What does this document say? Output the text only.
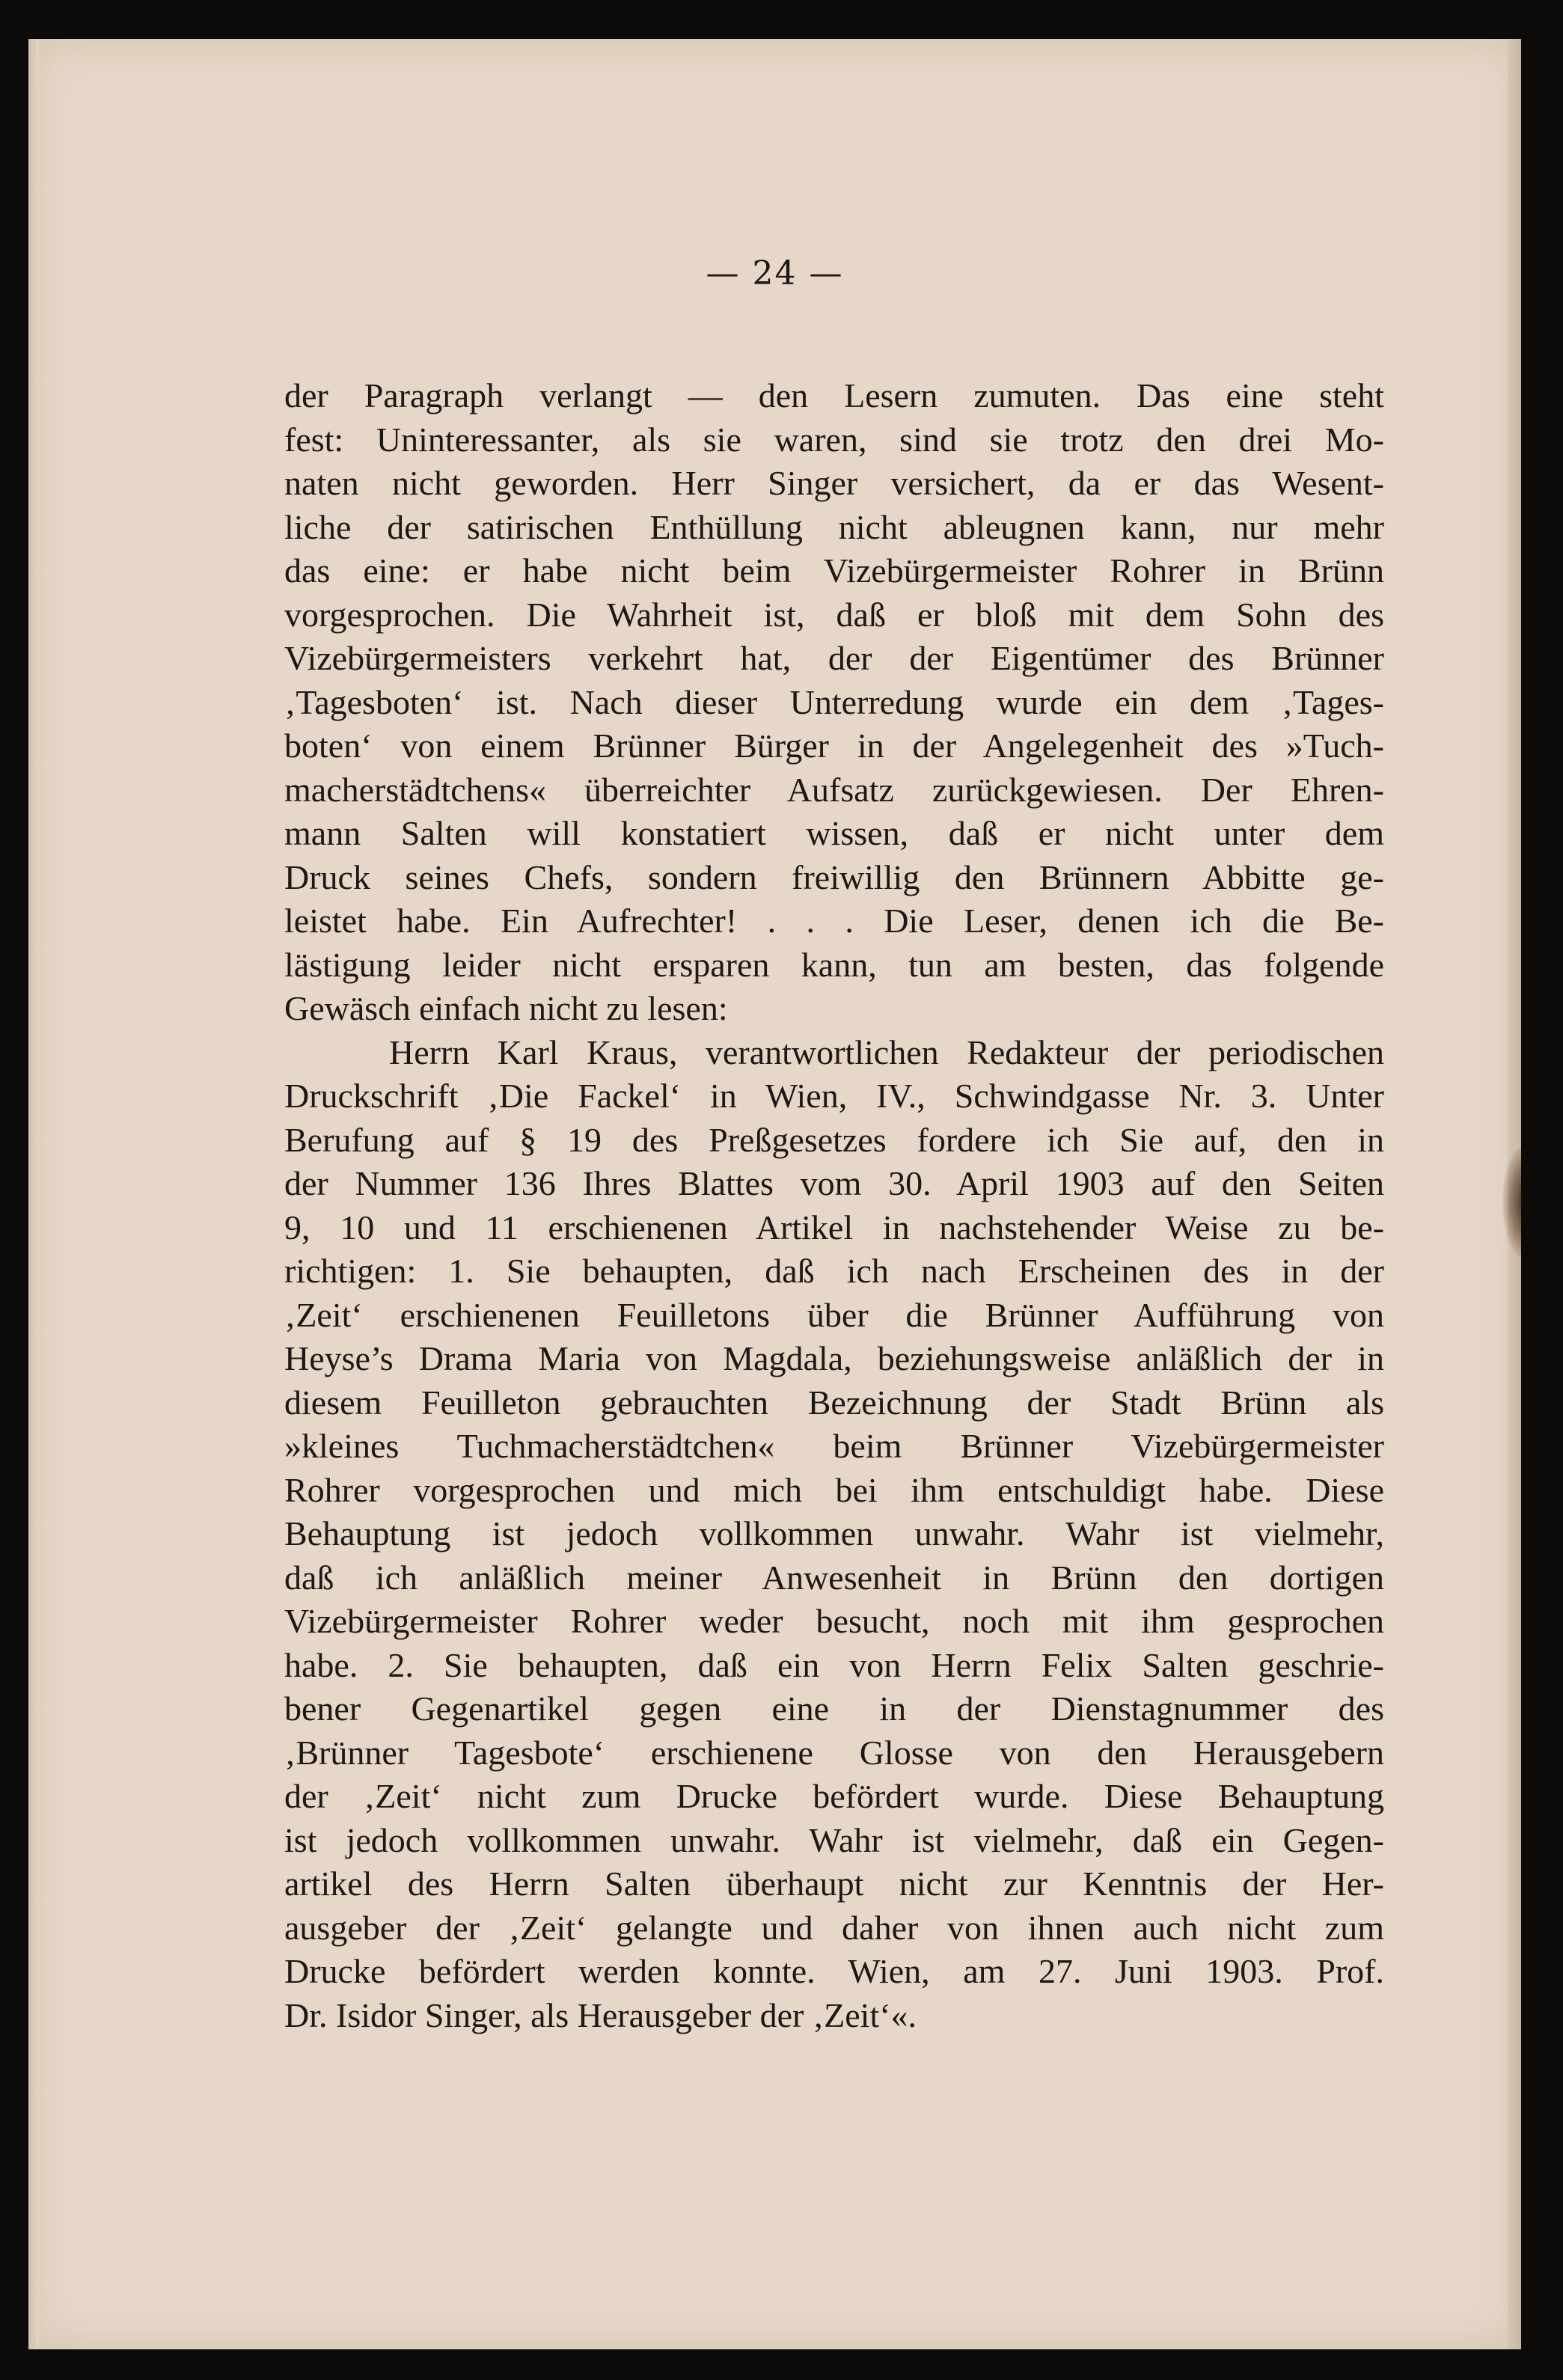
— 24 —
der Paragraph verlangt — den Lesern zumuten. Das eine steht
fest: Uninteressanter, als sie waren, sind sie trotz den drei Mo-
naten nicht geworden. Herr Singer versichert, da er das Wesent-
liche der satirischen Enthüllung nicht ableugnen kann, nur mehr
das eine: er habe nicht beim Vizebürgermeister Rohrer in Brünn
vorgesprochen. Die Wahrheit ist, daß er bloß mit dem Sohn des
Vizebürgermeisters verkehrt hat, der der Eigentümer des Brünner
‚Tagesboten‘ ist. Nach dieser Unterredung wurde ein dem ‚Tages-
boten‘ von einem Brünner Bürger in der Angelegenheit des »Tuch-
macherstädtchens« überreichter Aufsatz zurückgewiesen. Der Ehren-
mann Salten will konstatiert wissen, daß er nicht unter dem
Druck seines Chefs, sondern freiwillig den Brünnern Abbitte ge-
leistet habe. Ein Aufrechter! . . . Die Leser, denen ich die Be-
lästigung leider nicht ersparen kann, tun am besten, das folgende
Gewäsch einfach nicht zu lesen:
Herrn Karl Kraus, verantwortlichen Redakteur der periodischen
Druckschrift ‚Die Fackel‘ in Wien, IV., Schwindgasse Nr. 3. Unter
Berufung auf § 19 des Preßgesetzes fordere ich Sie auf, den in
der Nummer 136 Ihres Blattes vom 30. April 1903 auf den Seiten
9, 10 und 11 erschienenen Artikel in nachstehender Weise zu be-
richtigen: 1. Sie behaupten, daß ich nach Erscheinen des in der
‚Zeit‘ erschienenen Feuilletons über die Brünner Aufführung von
Heyse’s Drama Maria von Magdala, beziehungsweise anläßlich der in
diesem Feuilleton gebrauchten Bezeichnung der Stadt Brünn als
»kleines Tuchmacherstädtchen« beim Brünner Vizebürgermeister
Rohrer vorgesprochen und mich bei ihm entschuldigt habe. Diese
Behauptung ist jedoch vollkommen unwahr. Wahr ist vielmehr,
daß ich anläßlich meiner Anwesenheit in Brünn den dortigen
Vizebürgermeister Rohrer weder besucht, noch mit ihm gesprochen
habe. 2. Sie behaupten, daß ein von Herrn Felix Salten geschrie-
bener Gegenartikel gegen eine in der Dienstagnummer des
‚Brünner Tagesbote‘ erschienene Glosse von den Herausgebern
der ‚Zeit‘ nicht zum Drucke befördert wurde. Diese Behauptung
ist jedoch vollkommen unwahr. Wahr ist vielmehr, daß ein Gegen-
artikel des Herrn Salten überhaupt nicht zur Kenntnis der Her-
ausgeber der ‚Zeit‘ gelangte und daher von ihnen auch nicht zum
Drucke befördert werden konnte. Wien, am 27. Juni 1903. Prof.
Dr. Isidor Singer, als Herausgeber der ‚Zeit‘«.
